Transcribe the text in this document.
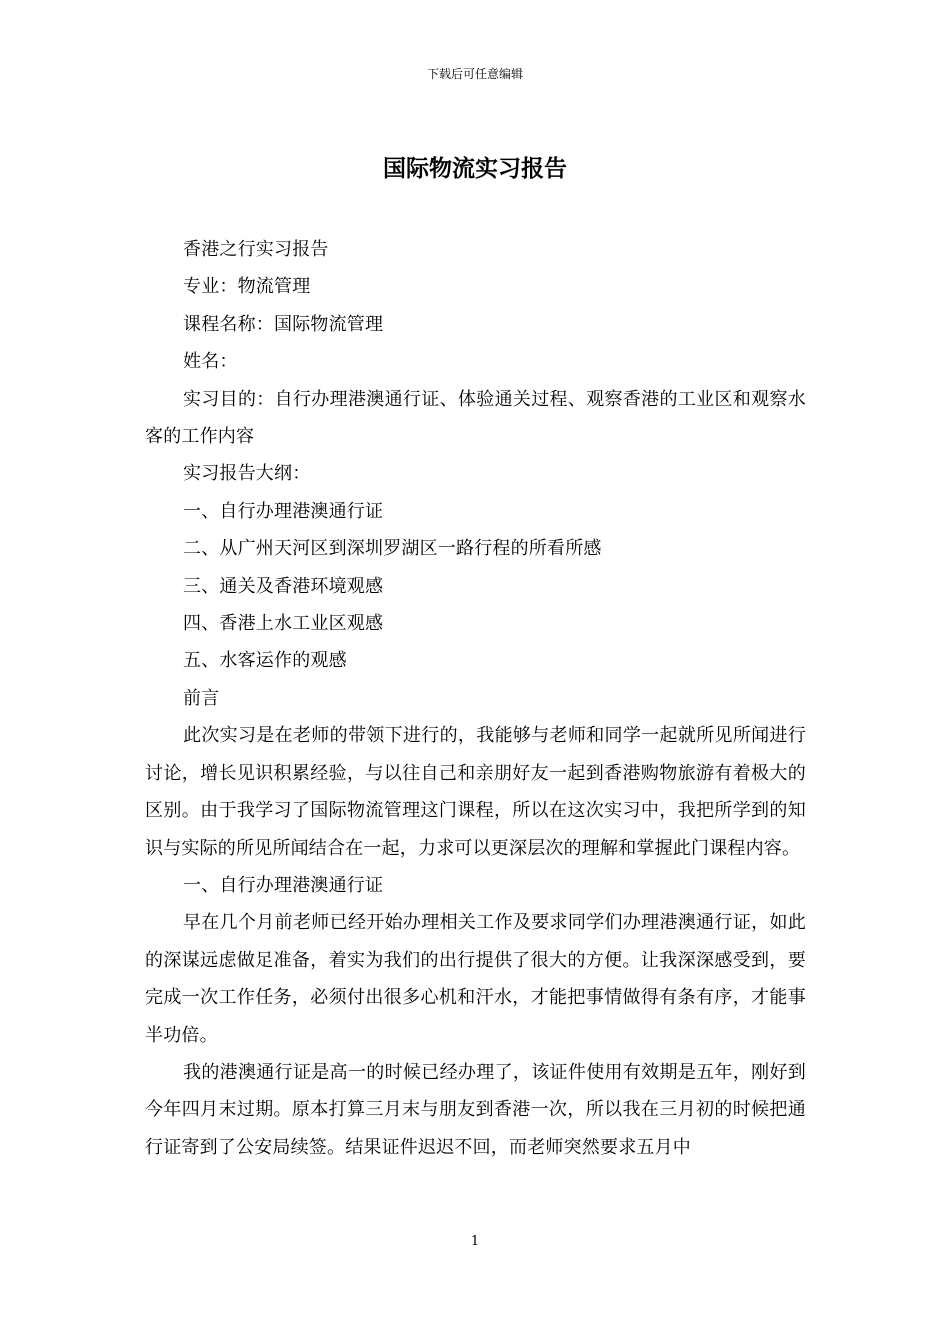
下载后可任意编辑
国际物流实习报告

香港之行实习报告

专业：物流管理

课程名称：国际物流管理

姓名：

实习目的：自行办理港澳通行证、体验通关过程、观察香港的工业区和观察水客的工作内容

实习报告大纲：

一、自行办理港澳通行证

二、从广州天河区到深圳罗湖区一路行程的所看所感

三、通关及香港环境观感

四、香港上水工业区观感

五、水客运作的观感

前言

此次实习是在老师的带领下进行的，我能够与老师和同学一起就所见所闻进行讨论，增长见识积累经验，与以往自己和亲朋好友一起到香港购物旅游有着极大的区别。由于我学习了国际物流管理这门课程，所以在这次实习中，我把所学到的知识与实际的所见所闻结合在一起，力求可以更深层次的理解和掌握此门课程内容。

一、自行办理港澳通行证

早在几个月前老师已经开始办理相关工作及要求同学们办理港澳通行证，如此的深谋远虑做足准备，着实为我们的出行提供了很大的方便。让我深深感受到，要完成一次工作任务，必须付出很多心机和汗水，才能把事情做得有条有序，才能事半功倍。

我的港澳通行证是高一的时候已经办理了，该证件使用有效期是五年，刚好到今年四月末过期。原本打算三月末与朋友到香港一次，所以我在三月初的时候把通行证寄到了公安局续签。结果证件迟迟不回，而老师突然要求五月中

1
